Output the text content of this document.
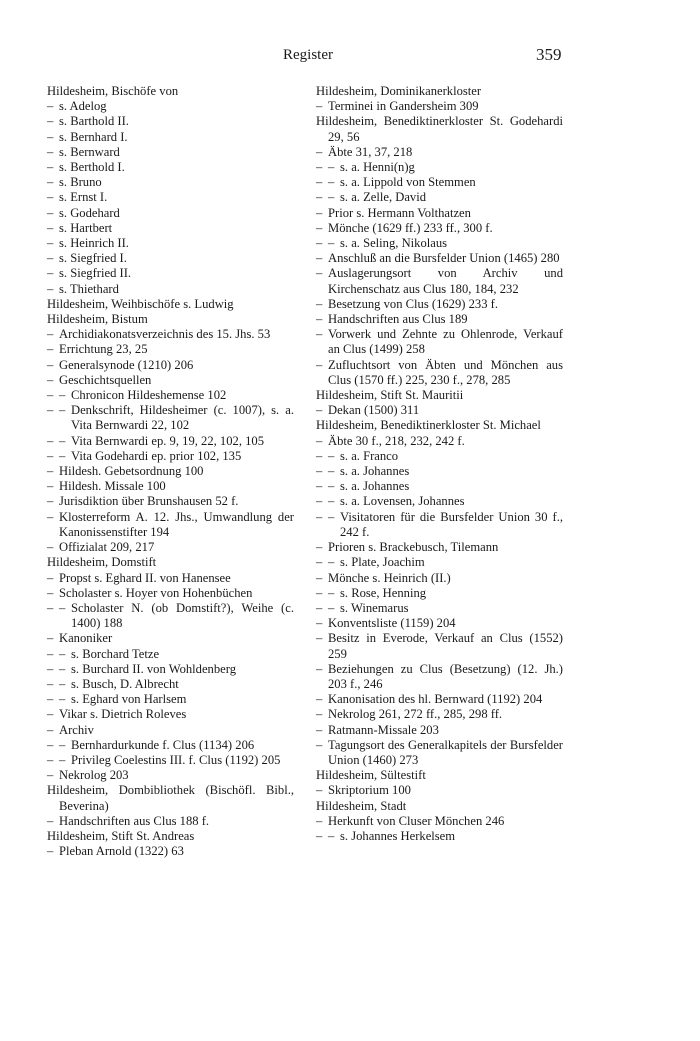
Register	359
Hildesheim, Bischöfe von
– s. Adelog
– s. Barthold II.
– s. Bernhard I.
– s. Bernward
– s. Berthold I.
– s. Bruno
– s. Ernst I.
– s. Godehard
– s. Hartbert
– s. Heinrich II.
– s. Siegfried I.
– s. Siegfried II.
– s. Thiethard
Hildesheim, Weihbischöfe s. Ludwig
Hildesheim, Bistum
– Archidiakonatsverzeichnis des 15. Jhs. 53
– Errichtung 23, 25
– Generalsynode (1210) 206
– Geschichtsquellen
– – Chronicon Hildeshemense 102
– – Denkschrift, Hildesheimer (c. 1007), s. a. Vita Bernwardi 22, 102
– – Vita Bernwardi ep. 9, 19, 22, 102, 105
– – Vita Godehardi ep. prior 102, 135
– Hildesh. Gebetsordnung 100
– Hildesh. Missale 100
– Jurisdiktion über Brunshausen 52 f.
– Klosterreform A. 12. Jhs., Umwandlung der Kanonissenstifter 194
– Offizialat 209, 217
Hildesheim, Domstift
– Propst s. Eghard II. von Hanensee
– Scholaster s. Hoyer von Hohenbüchen
– – Scholaster N. (ob Domstift?), Weihe (c. 1400) 188
– Kanoniker
– – s. Borchard Tetze
– – s. Burchard II. von Wohldenberg
– – s. Busch, D. Albrecht
– – s. Eghard von Harlsem
– Vikar s. Dietrich Roleves
– Archiv
– – Bernhardurkunde f. Clus (1134) 206
– – Privileg Coelestins III. f. Clus (1192) 205
– Nekrolog 203
Hildesheim, Dombibliothek (Bischöfl. Bibl., Beverina)
– Handschriften aus Clus 188 f.
Hildesheim, Stift St. Andreas
– Pleban Arnold (1322) 63
Hildesheim, Dominikanerkloster
– Terminei in Gandersheim 309
Hildesheim, Benediktinerkloster St. Godehardi 29, 56
– Äbte 31, 37, 218
– – s. a. Henni(n)g
– – s. a. Lippold von Stemmen
– – s. a. Zelle, David
– Prior s. Hermann Volthatzen
– Mönche (1629 ff.) 233 ff., 300 f.
– – s. a. Seling, Nikolaus
– Anschluß an die Bursfelder Union (1465) 280
– Auslagerungsort von Archiv und Kirchenschatz aus Clus 180, 184, 232
– Besetzung von Clus (1629) 233 f.
– Handschriften aus Clus 189
– Vorwerk und Zehnte zu Ohlenrode, Verkauf an Clus (1499) 258
– Zufluchtsort von Äbten und Mönchen aus Clus (1570 ff.) 225, 230 f., 278, 285
Hildesheim, Stift St. Mauritii
– Dekan (1500) 311
Hildesheim, Benediktinerkloster St. Michael
– Äbte 30 f., 218, 232, 242 f.
– – s. a. Franco
– – s. a. Johannes
– – s. a. Johannes
– – s. a. Lovensen, Johannes
– – Visitatoren für die Bursfelder Union 30 f., 242 f.
– Prioren s. Brackebusch, Tilemann
– – s. Plate, Joachim
– Mönche s. Heinrich (II.)
– – s. Rose, Henning
– – s. Winemarus
– Konventsliste (1159) 204
– Besitz in Everode, Verkauf an Clus (1552) 259
– Beziehungen zu Clus (Besetzung) (12. Jh.) 203 f., 246
– Kanonisation des hl. Bernward (1192) 204
– Nekrolog 261, 272 ff., 285, 298 ff.
– Ratmann-Missale 203
– Tagungsort des Generalkapitels der Bursfelder Union (1460) 273
Hildesheim, Sültestift
– Skriptorium 100
Hildesheim, Stadt
– Herkunft von Cluser Mönchen 246
– – s. Johannes Herkelsem
